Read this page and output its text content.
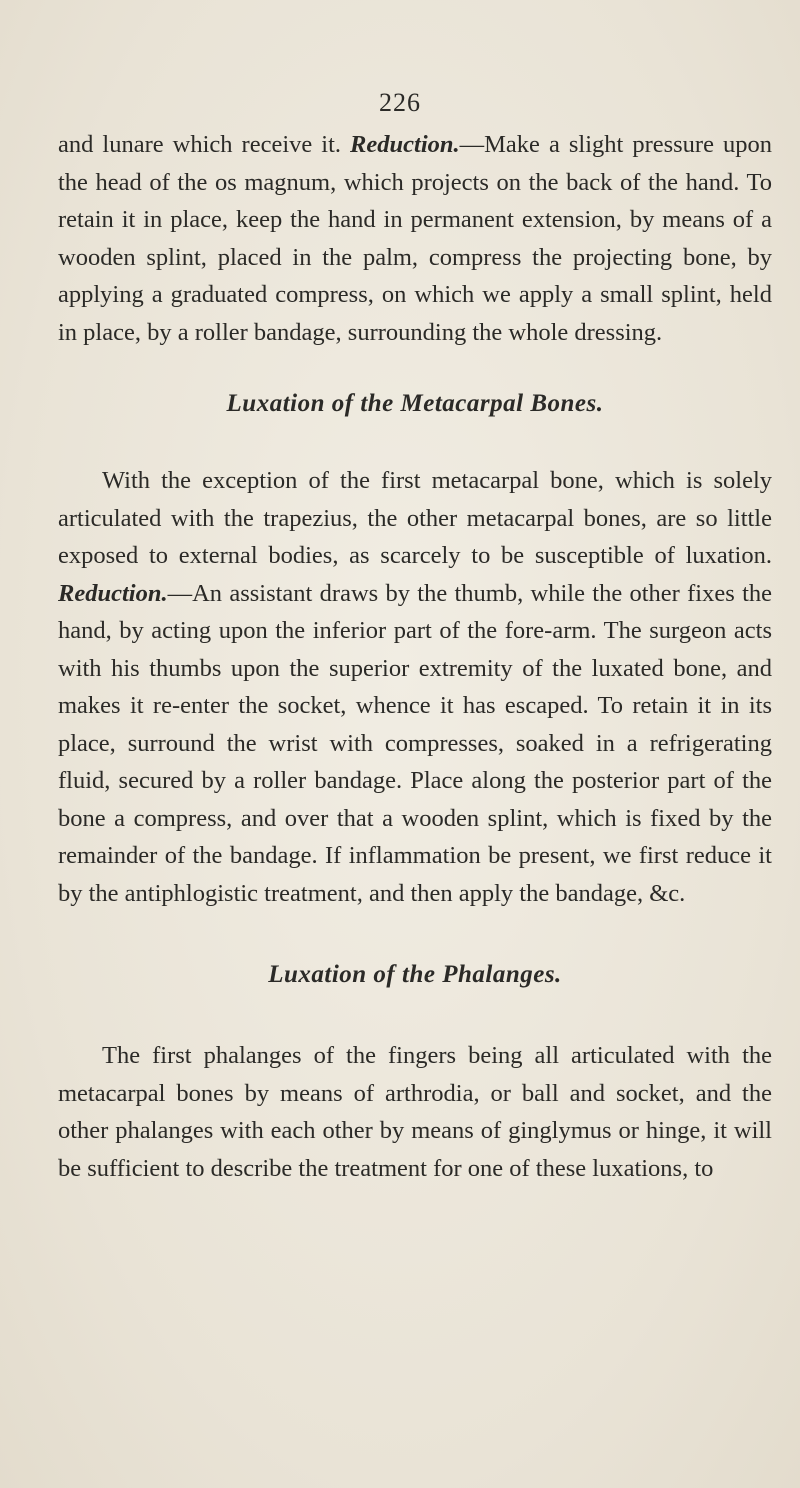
226

and lunare which receive it. Reduction.—Make a slight pressure upon the head of the os magnum, which projects on the back of the hand. To retain it in place, keep the hand in permanent extension, by means of a wooden splint, placed in the palm, compress the projecting bone, by applying a graduated compress, on which we apply a small splint, held in place, by a roller bandage, surrounding the whole dressing.

Luxation of the Metacarpal Bones.

With the exception of the first metacarpal bone, which is solely articulated with the trapezius, the other metacarpal bones, are so little exposed to external bodies, as scarcely to be susceptible of luxation. Reduction.—An assistant draws by the thumb, while the other fixes the hand, by acting upon the inferior part of the fore-arm. The surgeon acts with his thumbs upon the superior extremity of the luxated bone, and makes it re-enter the socket, whence it has escaped. To retain it in its place, surround the wrist with compresses, soaked in a refrigerating fluid, secured by a roller bandage. Place along the posterior part of the bone a compress, and over that a wooden splint, which is fixed by the remainder of the bandage. If inflammation be present, we first reduce it by the antiphlogistic treatment, and then apply the bandage, &c.

Luxation of the Phalanges.

The first phalanges of the fingers being all articulated with the metacarpal bones by means of arthrodia, or ball and socket, and the other phalanges with each other by means of ginglymus or hinge, it will be sufficient to describe the treatment for one of these luxations, to
